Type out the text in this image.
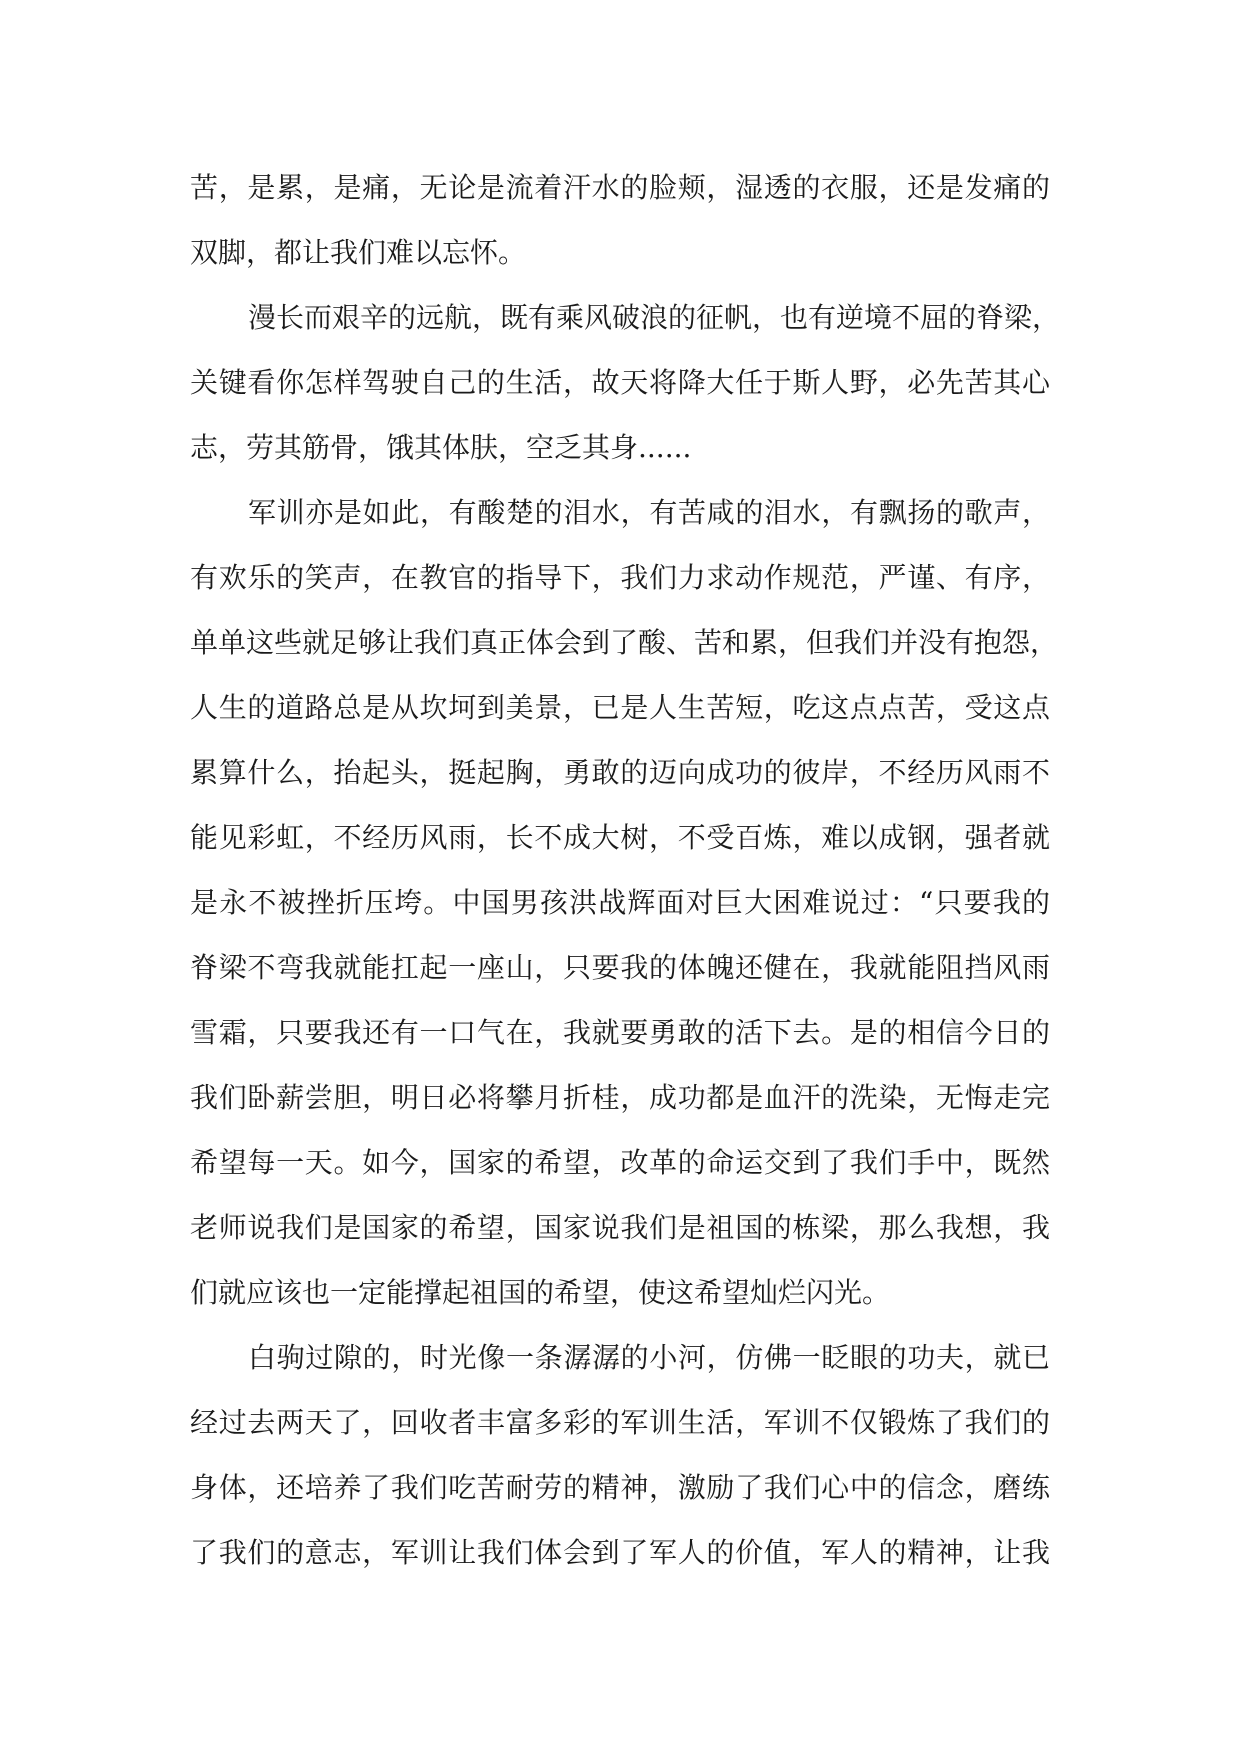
苦，是累，是痛，无论是流着汗水的脸颊，湿透的衣服，还是发痛的
双脚，都让我们难以忘怀。
漫长而艰辛的远航，既有乘风破浪的征帆，也有逆境不屈的脊梁，
关键看你怎样驾驶自己的生活，故天将降大任于斯人野，必先苦其心
志，劳其筋骨，饿其体肤，空乏其身......
军训亦是如此，有酸楚的泪水，有苦咸的泪水，有飘扬的歌声，
有欢乐的笑声，在教官的指导下，我们力求动作规范，严谨、有序，
单单这些就足够让我们真正体会到了酸、苦和累，但我们并没有抱怨，
人生的道路总是从坎坷到美景，已是人生苦短，吃这点点苦，受这点
累算什么，抬起头，挺起胸，勇敢的迈向成功的彼岸，不经历风雨不
能见彩虹，不经历风雨，长不成大树，不受百炼，难以成钢，强者就
是永不被挫折压垮。中国男孩洪战辉面对巨大困难说过：“只要我的
脊梁不弯我就能扛起一座山，只要我的体魄还健在，我就能阻挡风雨
雪霜，只要我还有一口气在，我就要勇敢的活下去。是的相信今日的
我们卧薪尝胆，明日必将攀月折桂，成功都是血汗的洗染，无悔走完
希望每一天。如今，国家的希望，改革的命运交到了我们手中，既然
老师说我们是国家的希望，国家说我们是祖国的栋梁，那么我想，我
们就应该也一定能撑起祖国的希望，使这希望灿烂闪光。
白驹过隙的，时光像一条潺潺的小河，仿佛一眨眼的功夫，就已
经过去两天了，回收者丰富多彩的军训生活，军训不仅锻炼了我们的
身体，还培养了我们吃苦耐劳的精神，激励了我们心中的信念，磨练
了我们的意志，军训让我们体会到了军人的价值，军人的精神，让我
